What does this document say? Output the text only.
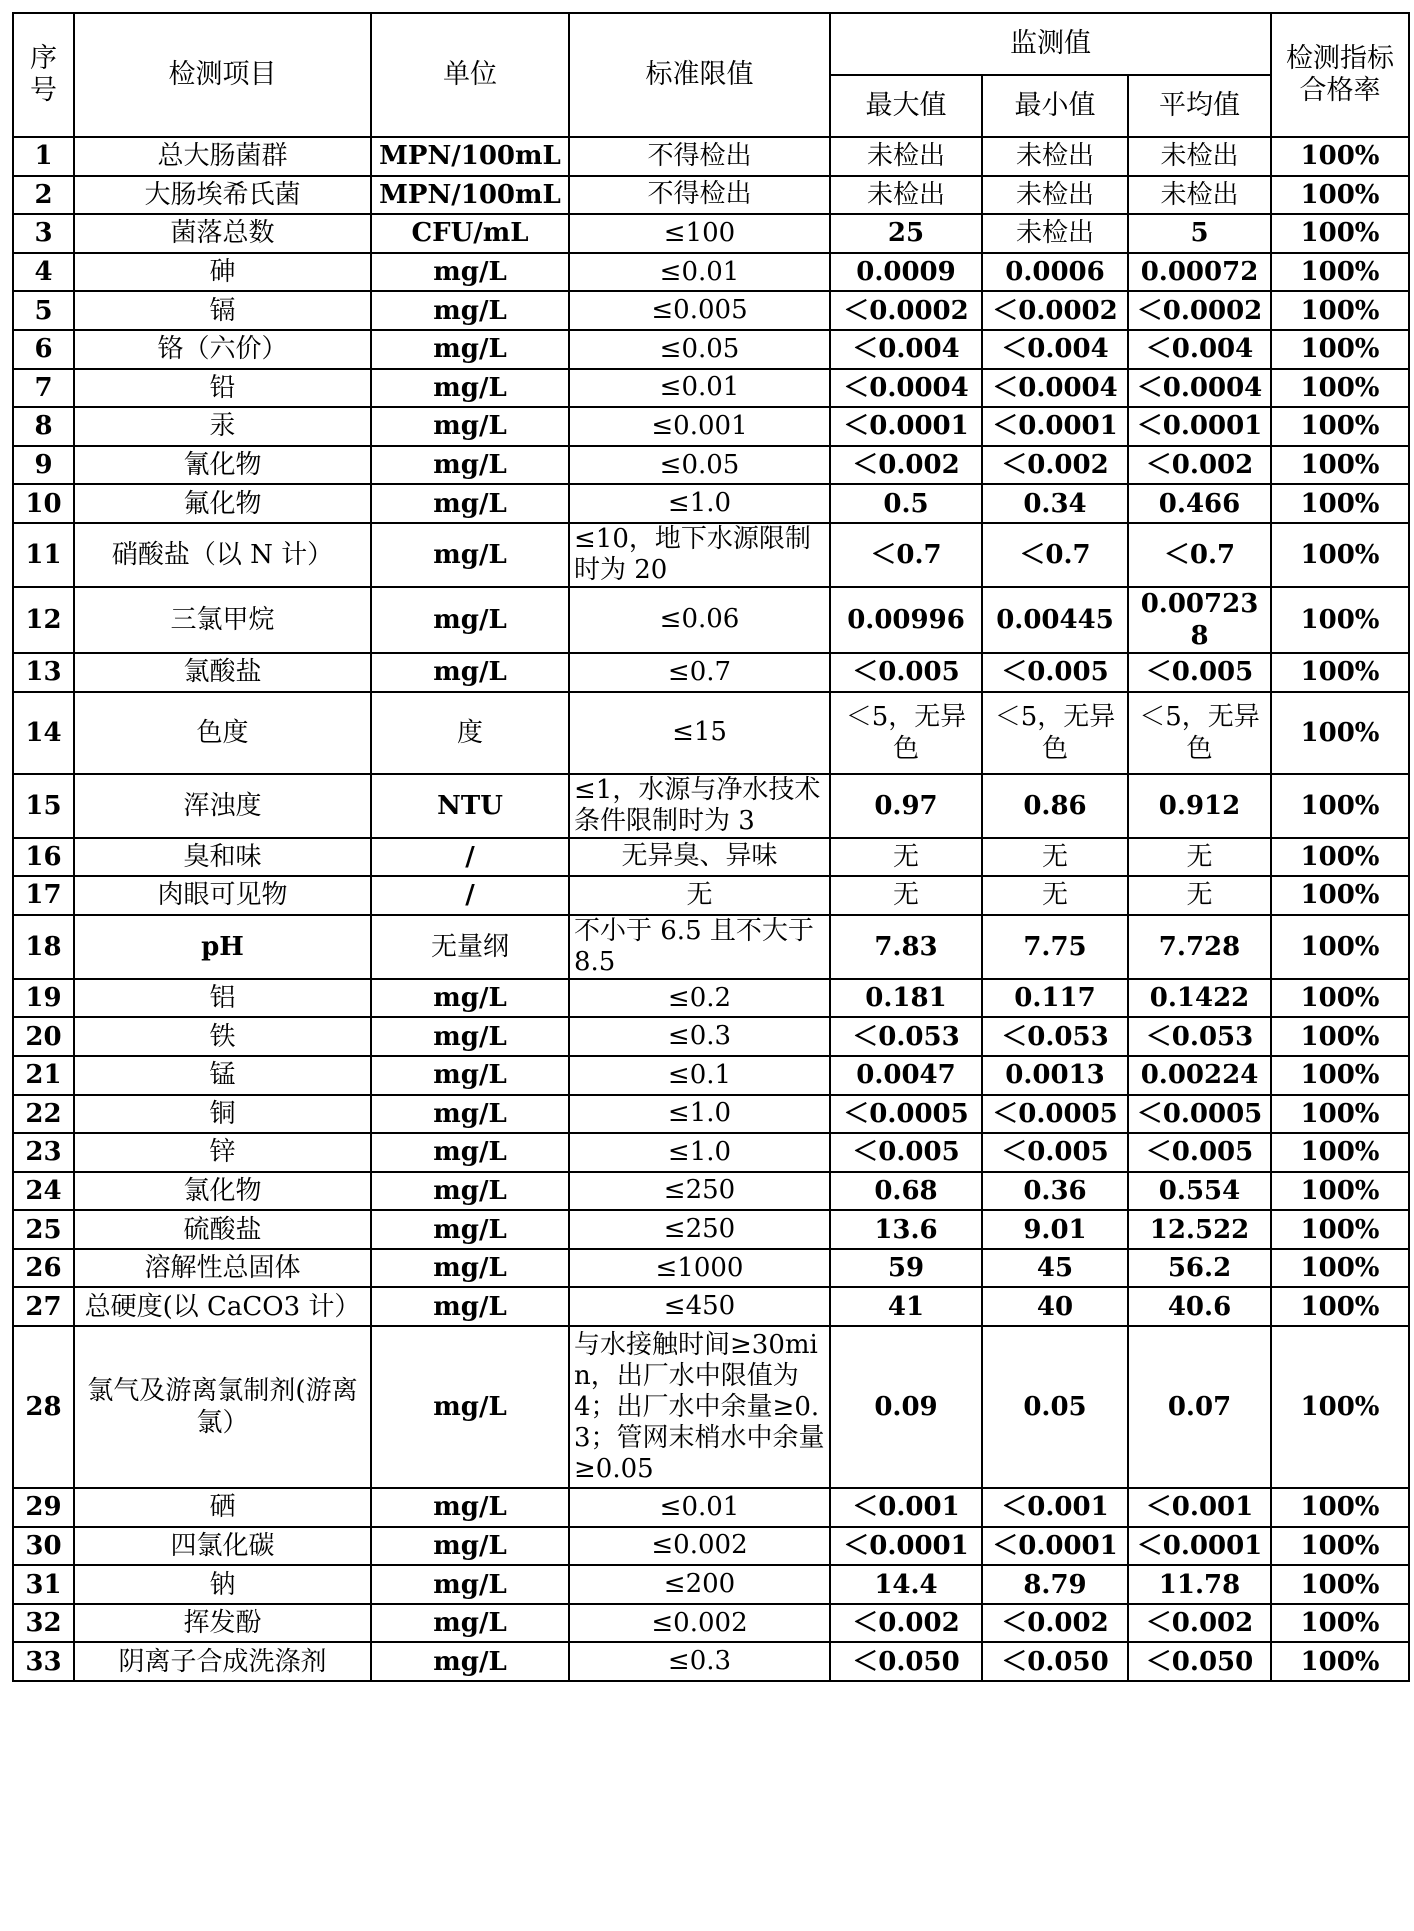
序号	检测项目	单位	标准限值	监测值			检测指标合格率
				最大值	最小值	平均值	
1	总大肠菌群	MPN/100mL	不得检出	未检出	未检出	未检出	100%
2	大肠埃希氏菌	MPN/100mL	不得检出	未检出	未检出	未检出	100%
3	菌落总数	CFU/mL	≤100	25	未检出	5	100%
4	砷	mg/L	≤0.01	0.0009	0.0006	0.00072	100%
5	镉	mg/L	≤0.005	＜0.0002	＜0.0002	＜0.0002	100%
6	铬（六价）	mg/L	≤0.05	＜0.004	＜0.004	＜0.004	100%
7	铅	mg/L	≤0.01	＜0.0004	＜0.0004	＜0.0004	100%
8	汞	mg/L	≤0.001	＜0.0001	＜0.0001	＜0.0001	100%
9	氰化物	mg/L	≤0.05	＜0.002	＜0.002	＜0.002	100%
10	氟化物	mg/L	≤1.0	0.5	0.34	0.466	100%
11	硝酸盐（以 N 计）	mg/L	≤10，地下水源限制时为 20	＜0.7	＜0.7	＜0.7	100%
12	三氯甲烷	mg/L	≤0.06	0.00996	0.00445	0.007238	100%
13	氯酸盐	mg/L	≤0.7	＜0.005	＜0.005	＜0.005	100%
14	色度	度	≤15	＜5，无异色	＜5，无异色	＜5，无异色	100%
15	浑浊度	NTU	≤1，水源与净水技术条件限制时为 3	0.97	0.86	0.912	100%
16	臭和味	/	无异臭、异味	无	无	无	100%
17	肉眼可见物	/	无	无	无	无	100%
18	pH	无量纲	不小于 6.5 且不大于 8.5	7.83	7.75	7.728	100%
19	铝	mg/L	≤0.2	0.181	0.117	0.1422	100%
20	铁	mg/L	≤0.3	＜0.053	＜0.053	＜0.053	100%
21	锰	mg/L	≤0.1	0.0047	0.0013	0.00224	100%
22	铜	mg/L	≤1.0	＜0.0005	＜0.0005	＜0.0005	100%
23	锌	mg/L	≤1.0	＜0.005	＜0.005	＜0.005	100%
24	氯化物	mg/L	≤250	0.68	0.36	0.554	100%
25	硫酸盐	mg/L	≤250	13.6	9.01	12.522	100%
26	溶解性总固体	mg/L	≤1000	59	45	56.2	100%
27	总硬度(以 CaCO3 计）	mg/L	≤450	41	40	40.6	100%
28	氯气及游离氯制剂(游离氯）	mg/L	与水接触时间≥30min，出厂水中限值为 4；出厂水中余量≥0.3；管网末梢水中余量≥0.05	0.09	0.05	0.07	100%
29	硒	mg/L	≤0.01	＜0.001	＜0.001	＜0.001	100%
30	四氯化碳	mg/L	≤0.002	＜0.0001	＜0.0001	＜0.0001	100%
31	钠	mg/L	≤200	14.4	8.79	11.78	100%
32	挥发酚	mg/L	≤0.002	＜0.002	＜0.002	＜0.002	100%
33	阴离子合成洗涤剂	mg/L	≤0.3	＜0.050	＜0.050	＜0.050	100%
